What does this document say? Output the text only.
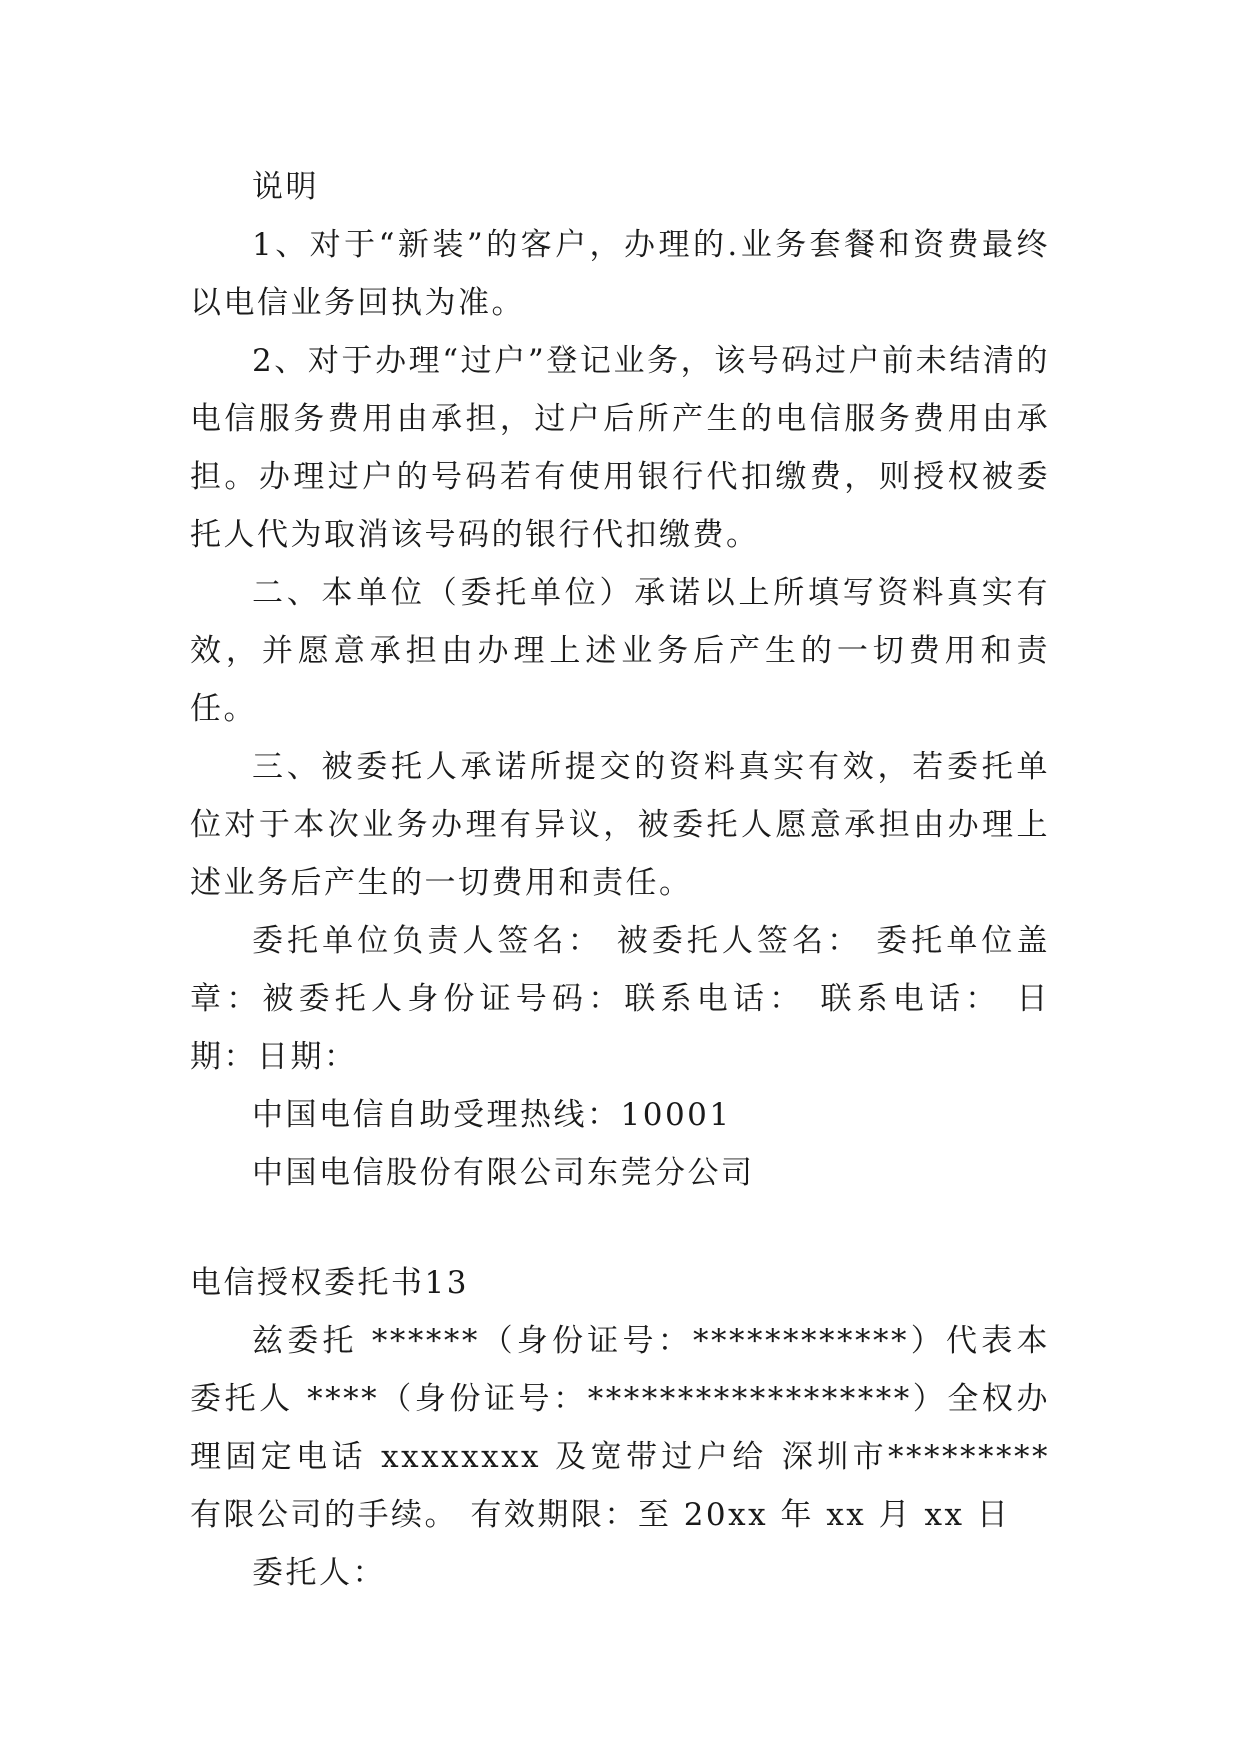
说明

1、对于“新装”的客户，办理的.业务套餐和资费最终以电信业务回执为准。

2、对于办理“过户”登记业务，该号码过户前未结清的电信服务费用由承担，过户后所产生的电信服务费用由承担。办理过户的号码若有使用银行代扣缴费，则授权被委托人代为取消该号码的银行代扣缴费。

二、本单位（委托单位）承诺以上所填写资料真实有效，并愿意承担由办理上述业务后产生的一切费用和责任。

三、被委托人承诺所提交的资料真实有效，若委托单位对于本次业务办理有异议，被委托人愿意承担由办理上述业务后产生的一切费用和责任。

委托单位负责人签名： 被委托人签名： 委托单位盖章：被委托人身份证号码：联系电话： 联系电话： 日期：日期：

中国电信自助受理热线：10001

中国电信股份有限公司东莞分公司

电信授权委托书13

兹委托 ******（身份证号：************）代表本委托人 ****（身份证号：******************）全权办理固定电话 xxxxxxxx 及宽带过户给 深圳市*********有限公司的手续。 有效期限：至 20xx 年 xx 月 xx 日

委托人：
